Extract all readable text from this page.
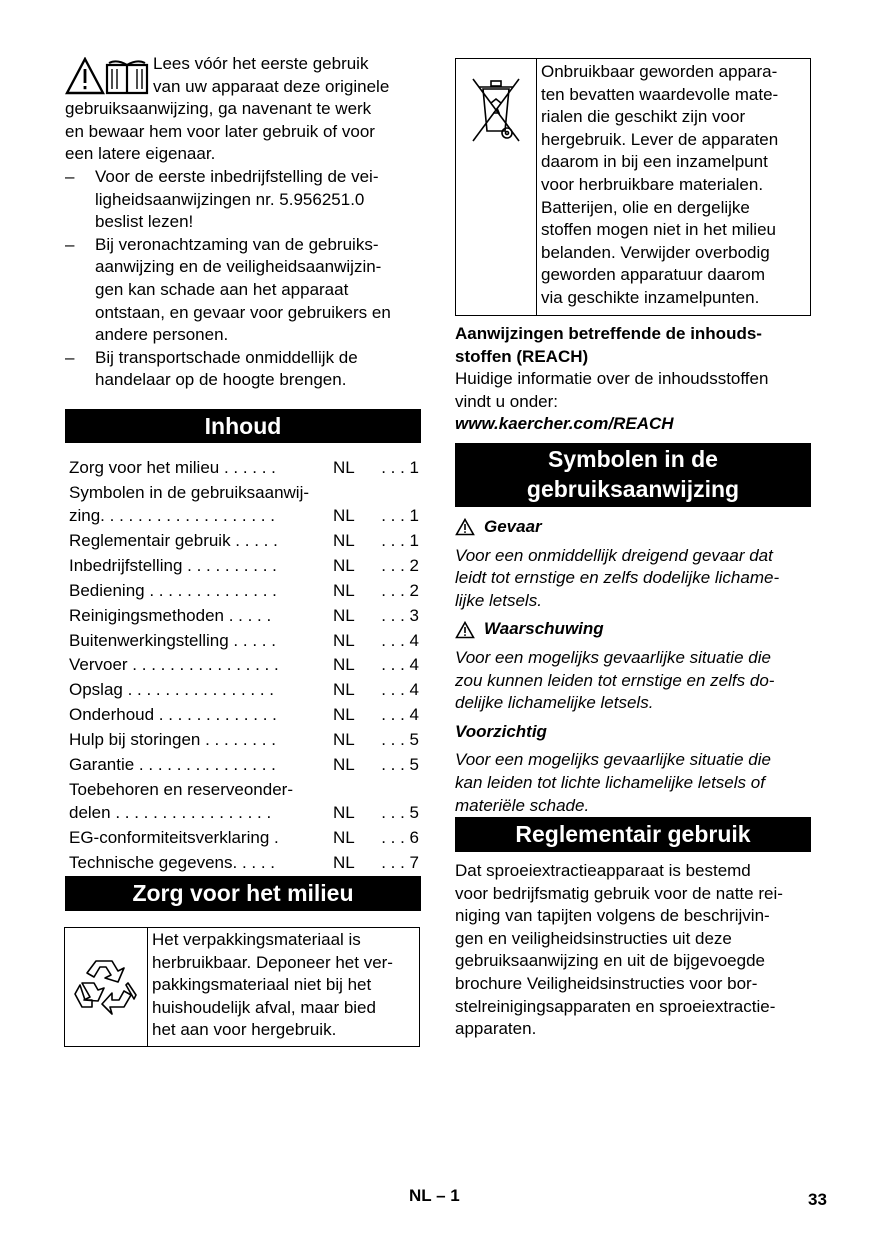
Lees vóór het eerste gebruik

van uw apparaat deze originele

gebruiksaanwijzing, ga navenant te werk

en bewaar hem voor later gebruik of voor

een latere eigenaar.

– Voor de eerste inbedrijfstelling de vei-

ligheidsaanwijzingen nr. 5.956251.0

beslist lezen!

– Bij veronachtzaming van de gebruiks-

aanwijzing en de veiligheidsaanwijzin-

gen kan schade aan het apparaat

ontstaan, en gevaar voor gebruikers en

andere personen.

– Bij transportschade onmiddellijk de

handelaar op de hoogte brengen.

Inhoud
Zorg voor het milieu . . . . . .	NL	. . . 1
Symbolen in de gebruiksaanwij-
zing. . . . . . . . . . . . . . . . . . .	NL	. . . 1
Reglementair gebruik . . . . .	NL	. . . 1
Inbedrijfstelling . . . . . . . . . .	NL	. . . 2
Bediening . . . . . . . . . . . . . .	NL	. . . 2
Reinigingsmethoden . . . . .	NL	. . . 3
Buitenwerkingstelling . . . . .	NL	. . . 4
Vervoer . . . . . . . . . . . . . . . .	NL	. . . 4
Opslag . . . . . . . . . . . . . . . .	NL	. . . 4
Onderhoud . . . . . . . . . . . . .	NL	. . . 4
Hulp bij storingen . . . . . . . .	NL	. . . 5
Garantie . . . . . . . . . . . . . . .	NL	. . . 5
Toebehoren en reserveonder-
delen . . . . . . . . . . . . . . . . .	NL	. . . 5
EG-conformiteitsverklaring .	NL	. . . 6
Technische gegevens. . . . .	NL	. . . 7
Zorg voor het milieu

Het verpakkingsmateriaal is

herbruikbaar. Deponeer het ver-

pakkingsmateriaal niet bij het

huishoudelijk afval, maar bied

het aan voor hergebruik.

Onbruikbaar geworden appara-

ten bevatten waardevolle mate-

rialen die geschikt zijn voor

hergebruik. Lever de apparaten

daarom in bij een inzamelpunt

voor herbruikbare materialen.

Batterijen, olie en dergelijke

stoffen mogen niet in het milieu

belanden. Verwijder overbodig

geworden apparatuur daarom

via geschikte inzamelpunten.

Aanwijzingen betreffende de inhouds-

stoffen (REACH)

Huidige informatie over de inhoudsstoffen

vindt u onder:

www.kaercher.com/REACH

Symbolen in de

gebruiksaanwijzing

Gevaar

Voor een onmiddellijk dreigend gevaar dat

leidt tot ernstige en zelfs dodelijke lichame-

lijke letsels.

Waarschuwing

Voor een mogelijks gevaarlijke situatie die

zou kunnen leiden tot ernstige en zelfs do-

delijke lichamelijke letsels.

Voorzichtig

Voor een mogelijks gevaarlijke situatie die

kan leiden tot lichte lichamelijke letsels of

materiële schade.

Reglementair gebruik

Dat sproeiextractieapparaat is bestemd

voor bedrijfsmatig gebruik voor de natte rei-

niging van tapijten volgens de beschrijvin-

gen en veiligheidsinstructies uit deze

gebruiksaanwijzing en uit de bijgevoegde

brochure Veiligheidsinstructies voor bor-

stelreinigingsapparaten en sproeiextractie-

apparaten.

NL – 1	33
